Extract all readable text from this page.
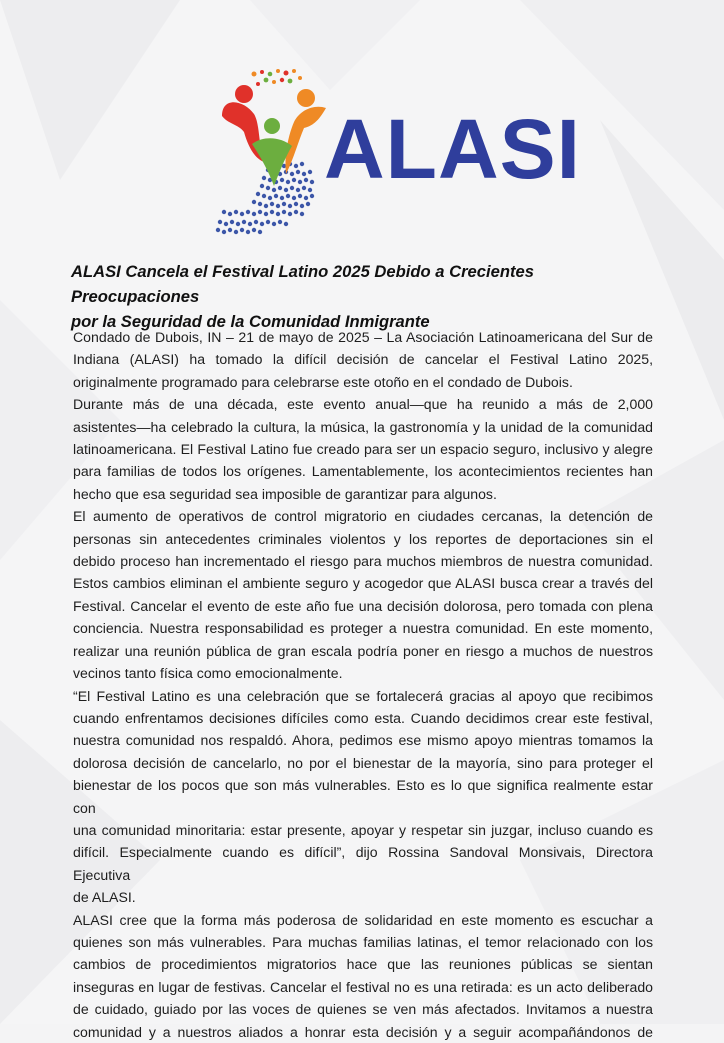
ALASI
ALASI Cancela el Festival Latino 2025 Debido a Crecientes Preocupaciones
por la Seguridad de la Comunidad Inmigrante

Condado de Dubois, IN – 21 de mayo de 2025 – La Asociación Latinoamericana del Sur de

Indiana (ALASI) ha tomado la difícil decisión de cancelar el Festival Latino 2025,

originalmente programado para celebrarse este otoño en el condado de Dubois.

Durante más de una década, este evento anual—que ha reunido a más de 2,000

asistentes—ha celebrado la cultura, la música, la gastronomía y la unidad de la comunidad

latinoamericana. El Festival Latino fue creado para ser un espacio seguro, inclusivo y alegre

para familias de todos los orígenes. Lamentablemente, los acontecimientos recientes han

hecho que esa seguridad sea imposible de garantizar para algunos.

El aumento de operativos de control migratorio en ciudades cercanas, la detención de

personas sin antecedentes criminales violentos y los reportes de deportaciones sin el

debido proceso han incrementado el riesgo para muchos miembros de nuestra comunidad.

Estos cambios eliminan el ambiente seguro y acogedor que ALASI busca crear a través del

Festival. Cancelar el evento de este año fue una decisión dolorosa, pero tomada con plena

conciencia. Nuestra responsabilidad es proteger a nuestra comunidad. En este momento,

realizar una reunión pública de gran escala podría poner en riesgo a muchos de nuestros

vecinos tanto física como emocionalmente.

“El Festival Latino es una celebración que se fortalecerá gracias al apoyo que recibimos

cuando enfrentamos decisiones difíciles como esta. Cuando decidimos crear este festival,

nuestra comunidad nos respaldó. Ahora, pedimos ese mismo apoyo mientras tomamos la

dolorosa decisión de cancelarlo, no por el bienestar de la mayoría, sino para proteger el

bienestar de los pocos que son más vulnerables. Esto es lo que significa realmente estar con

una comunidad minoritaria: estar presente, apoyar y respetar sin juzgar, incluso cuando es

difícil. Especialmente cuando es difícil”, dijo Rossina Sandoval Monsivais, Directora Ejecutiva

de ALASI.

ALASI cree que la forma más poderosa de solidaridad en este momento es escuchar a

quienes son más vulnerables. Para muchas familias latinas, el temor relacionado con los

cambios de procedimientos migratorios hace que las reuniones públicas se sientan

inseguras en lugar de festivas. Cancelar el festival no es una retirada: es un acto deliberado

de cuidado, guiado por las voces de quienes se ven más afectados. Invitamos a nuestra

comunidad y a nuestros aliados a honrar esta decisión y a seguir acompañándonos de
